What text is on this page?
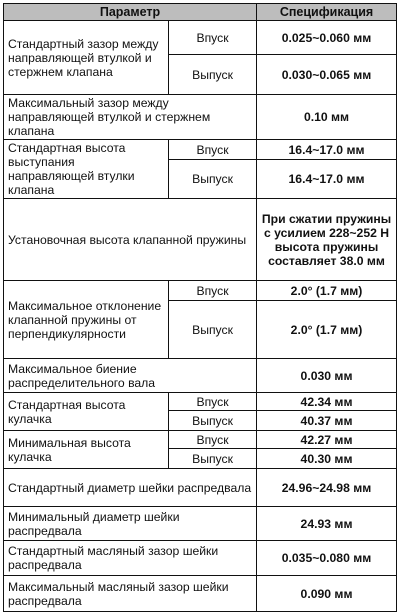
Параметр		Спецификация
Стандартный зазор между направляющей втулкой и стержнем клапана	Впуск	0.025~0.060 мм
	Выпуск	0.030~0.065 мм
Максимальный зазор между направляющей втулкой и стержнем клапана		0.10 мм
Стандартная высота выступания направляющей втулки клапана	Впуск	16.4~17.0 мм
	Выпуск	16.4~17.0 мм
Установочная высота клапанной пружины		При сжатии пружины с усилием 228~252 Н высота пружины составляет 38.0 мм
Максимальное отклонение клапанной пружины от перпендикулярности	Впуск	2.0° (1.7 мм)
	Выпуск	2.0° (1.7 мм)
Максимальное биение распределительного вала		0.030 мм
Стандартная высота кулачка	Впуск	42.34 мм
	Выпуск	40.37 мм
Минимальная высота кулачка	Впуск	42.27 мм
	Выпуск	40.30 мм
Стандартный диаметр шейки распредвала		24.96~24.98 мм
Минимальный диаметр шейки распредвала		24.93 мм
Стандартный масляный зазор шейки распредвала		0.035~0.080 мм
Максимальный масляный зазор шейки распредвала		0.090 мм
